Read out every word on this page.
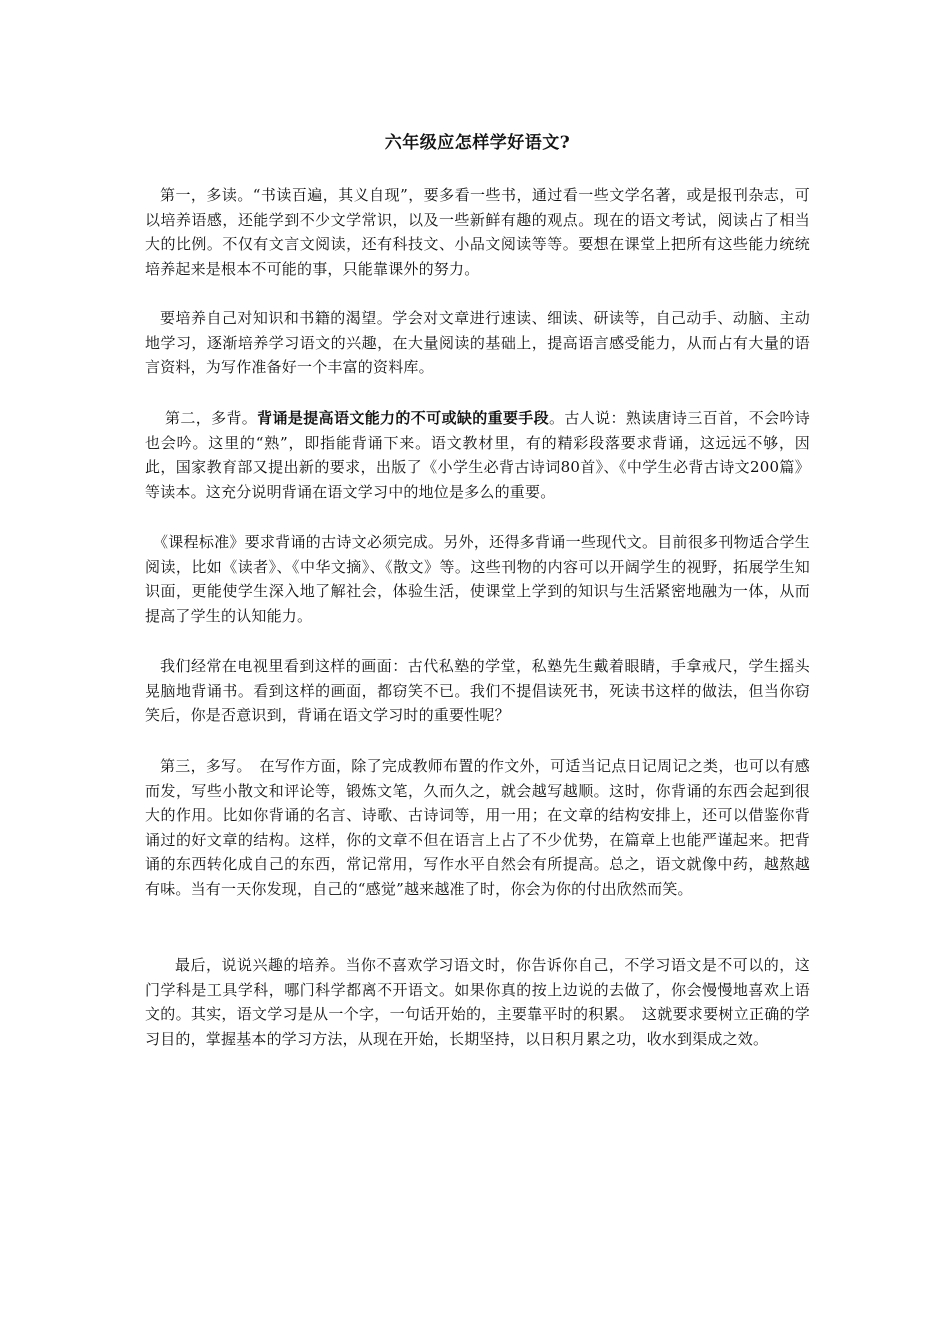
六年级应怎样学好语文?

第一，多读。“书读百遍，其义自现”，要多看一些书，通过看一些文学名著，或是报刊杂志，可以培养语感，还能学到不少文学常识，以及一些新鲜有趣的观点。现在的语文考试，阅读占了相当大的比例。不仅有文言文阅读，还有科技文、小品文阅读等等。要想在课堂上把所有这些能力统统培养起来是根本不可能的事，只能靠课外的努力。

要培养自己对知识和书籍的渴望。学会对文章进行速读、细读、研读等，自己动手、动脑、主动地学习，逐渐培养学习语文的兴趣，在大量阅读的基础上，提高语言感受能力，从而占有大量的语言资料，为写作准备好一个丰富的资料库。

第二，多背。背诵是提高语文能力的不可或缺的重要手段。古人说：熟读唐诗三百首，不会吟诗也会吟。这里的“熟”，即指能背诵下来。语文教材里，有的精彩段落要求背诵，这远远不够，因此，国家教育部又提出新的要求，出版了《小学生必背古诗词80首》、《中学生必背古诗文200篇》等读本。这充分说明背诵在语文学习中的地位是多么的重要。

《课程标准》要求背诵的古诗文必须完成。另外，还得多背诵一些现代文。目前很多刊物适合学生阅读，比如《读者》、《中华文摘》、《散文》等。这些刊物的内容可以开阔学生的视野，拓展学生知识面，更能使学生深入地了解社会，体验生活，使课堂上学到的知识与生活紧密地融为一体，从而提高了学生的认知能力。

我们经常在电视里看到这样的画面：古代私塾的学堂，私塾先生戴着眼睛，手拿戒尺，学生摇头晃脑地背诵书。看到这样的画面，都窃笑不已。我们不提倡读死书，死读书这样的做法，但当你窃笑后，你是否意识到，背诵在语文学习时的重要性呢？

第三，多写。　在写作方面，除了完成教师布置的作文外，可适当记点日记周记之类，也可以有感而发，写些小散文和评论等，锻炼文笔，久而久之，就会越写越顺。这时，你背诵的东西会起到很大的作用。比如你背诵的名言、诗歌、古诗词等，用一用；在文章的结构安排上，还可以借鉴你背诵过的好文章的结构。这样，你的文章不但在语言上占了不少优势，在篇章上也能严谨起来。把背诵的东西转化成自己的东西，常记常用，写作水平自然会有所提高。总之，语文就像中药，越熬越有味。当有一天你发现，自己的“感觉”越来越准了时，你会为你的付出欣然而笑。

最后，说说兴趣的培养。当你不喜欢学习语文时，你告诉你自己，不学习语文是不可以的，这门学科是工具学科，哪门科学都离不开语文。如果你真的按上边说的去做了，你会慢慢地喜欢上语文的。其实，语文学习是从一个字，一句话开始的，主要靠平时的积累。　这就要求要树立正确的学习目的，掌握基本的学习方法，从现在开始，长期坚持，以日积月累之功，收水到渠成之效。
